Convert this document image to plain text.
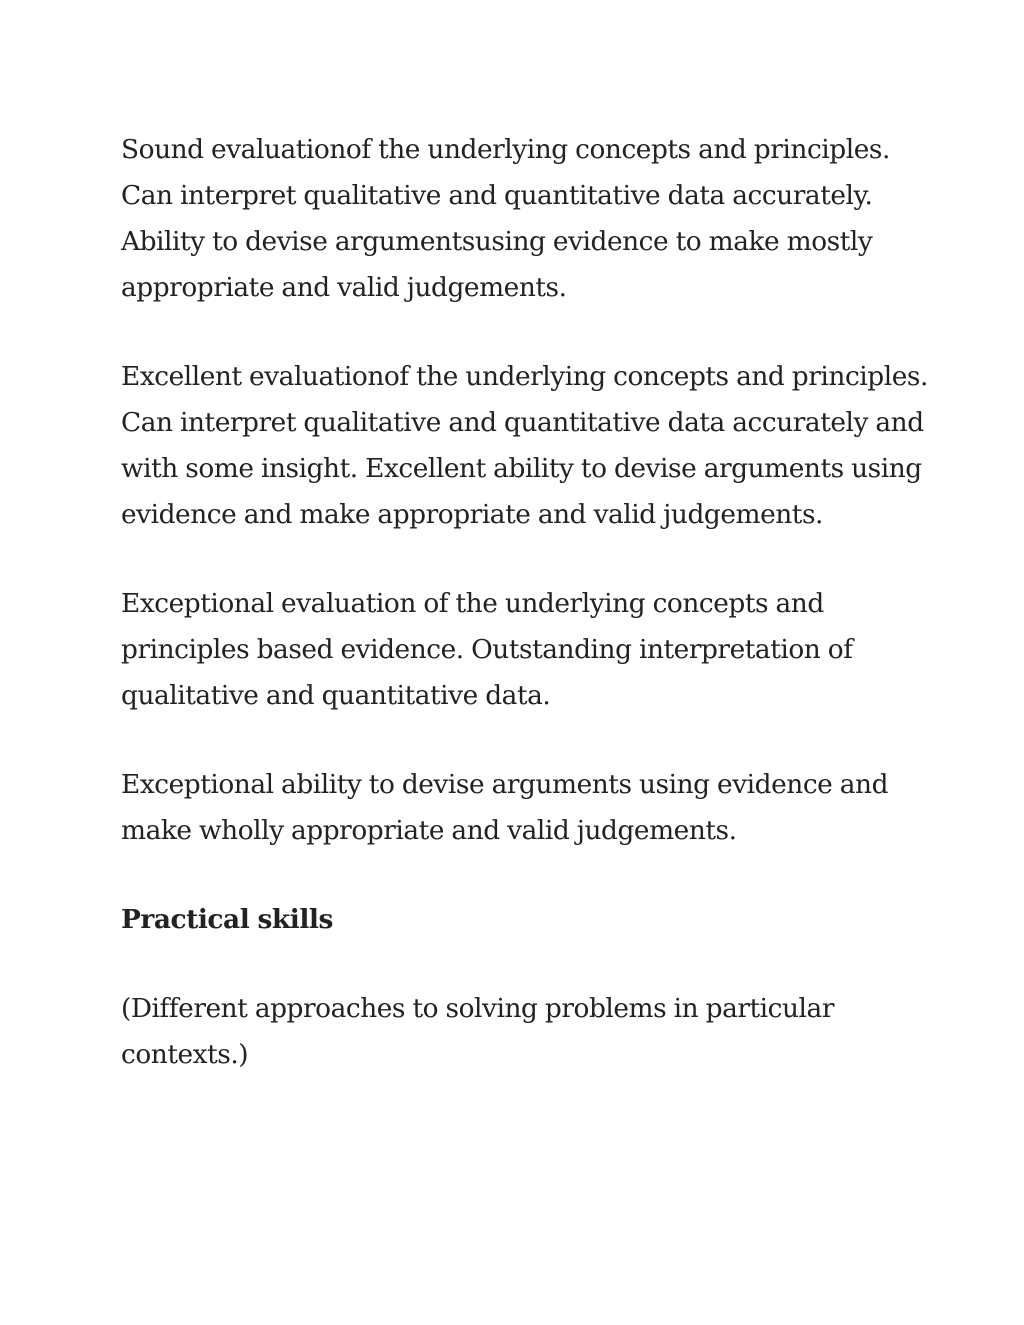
Sound evaluationof the underlying concepts and principles.
Can interpret qualitative and quantitative data accurately.
Ability to devise argumentsusing evidence to make mostly
appropriate and valid judgements.

Excellent evaluationof the underlying concepts and principles.
Can interpret qualitative and quantitative data accurately and
with some insight. Excellent ability to devise arguments using
evidence and make appropriate and valid judgements.

Exceptional evaluation of the underlying concepts and
principles based evidence. Outstanding interpretation of
qualitative and quantitative data.

Exceptional ability to devise arguments using evidence and
make wholly appropriate and valid judgements.

Practical skills

(Different approaches to solving problems in particular
contexts.)
